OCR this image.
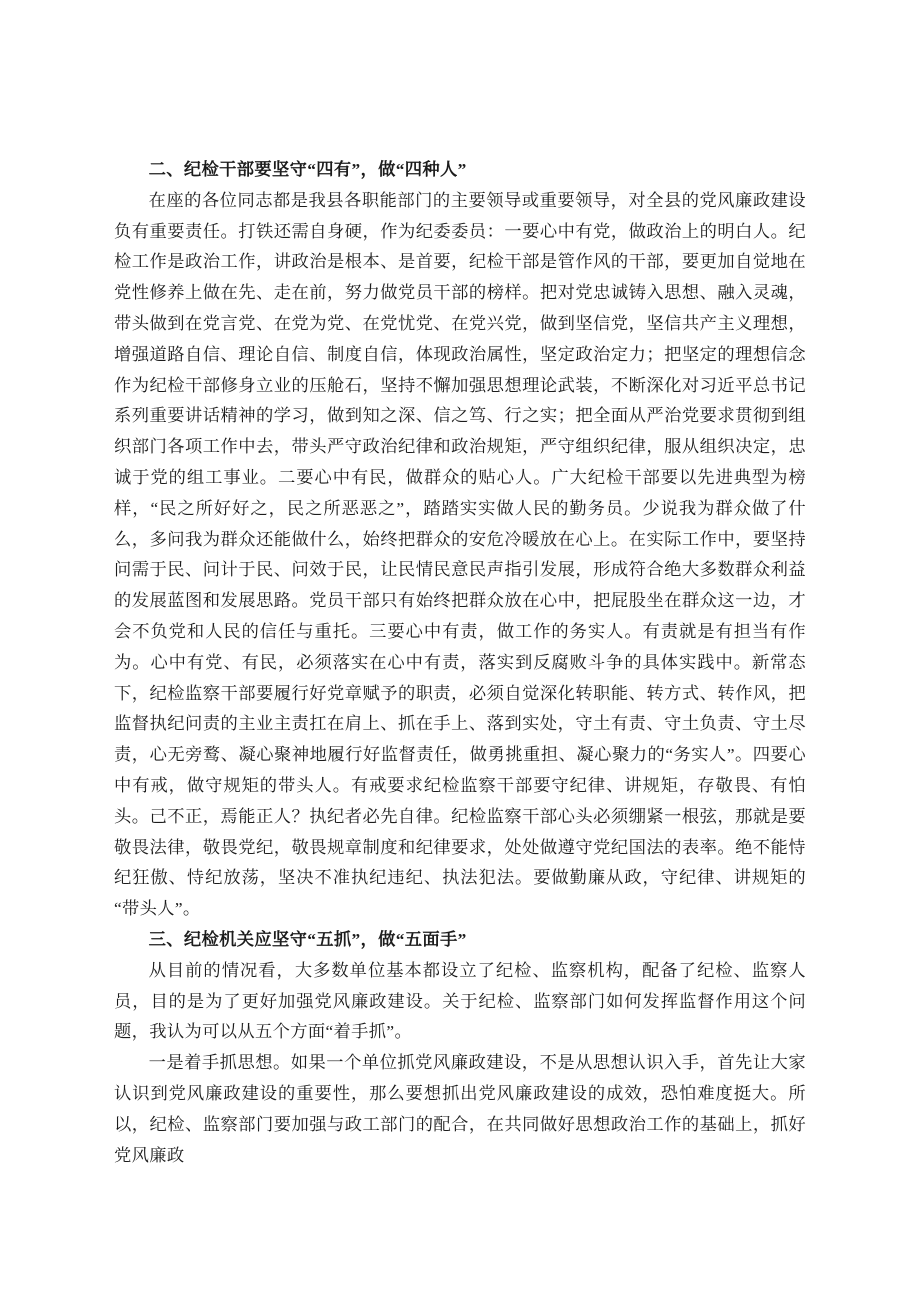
二、纪检干部要坚守“四有”，做“四种人”

在座的各位同志都是我县各职能部门的主要领导或重要领导，对全县的党风廉政建设负有重要责任。打铁还需自身硬，作为纪委委员：一要心中有党，做政治上的明白人。纪检工作是政治工作，讲政治是根本、是首要，纪检干部是管作风的干部，要更加自觉地在党性修养上做在先、走在前，努力做党员干部的榜样。把对党忠诚铸入思想、融入灵魂，带头做到在党言党、在党为党、在党忧党、在党兴党，做到坚信党，坚信共产主义理想，增强道路自信、理论自信、制度自信，体现政治属性，坚定政治定力；把坚定的理想信念作为纪检干部修身立业的压舱石，坚持不懈加强思想理论武装，不断深化对习近平总书记系列重要讲话精神的学习，做到知之深、信之笃、行之实；把全面从严治党要求贯彻到组织部门各项工作中去，带头严守政治纪律和政治规矩，严守组织纪律，服从组织决定，忠诚于党的组工事业。二要心中有民，做群众的贴心人。广大纪检干部要以先进典型为榜样，“民之所好好之，民之所恶恶之”，踏踏实实做人民的勤务员。少说我为群众做了什么，多问我为群众还能做什么，始终把群众的安危冷暖放在心上。在实际工作中，要坚持问需于民、问计于民、问效于民，让民情民意民声指引发展，形成符合绝大多数群众利益的发展蓝图和发展思路。党员干部只有始终把群众放在心中，把屁股坐在群众这一边，才会不负党和人民的信任与重托。三要心中有责，做工作的务实人。有责就是有担当有作为。心中有党、有民，必须落实在心中有责，落实到反腐败斗争的具体实践中。新常态下，纪检监察干部要履行好党章赋予的职责，必须自觉深化转职能、转方式、转作风，把监督执纪问责的主业主责扛在肩上、抓在手上、落到实处，守土有责、守土负责、守土尽责，心无旁鹜、凝心聚神地履行好监督责任，做勇挑重担、凝心聚力的“务实人”。四要心中有戒，做守规矩的带头人。有戒要求纪检监察干部要守纪律、讲规矩，存敬畏、有怕头。己不正，焉能正人？执纪者必先自律。纪检监察干部心头必须绷紧一根弦，那就是要敬畏法律，敬畏党纪，敬畏规章制度和纪律要求，处处做遵守党纪国法的表率。绝不能恃纪狂傲、恃纪放荡，坚决不准执纪违纪、执法犯法。要做勤廉从政，守纪律、讲规矩的“带头人”。

三、纪检机关应坚守“五抓”，做“五面手”

从目前的情况看，大多数单位基本都设立了纪检、监察机构，配备了纪检、监察人员，目的是为了更好加强党风廉政建设。关于纪检、监察部门如何发挥监督作用这个问题，我认为可以从五个方面“着手抓”。

一是着手抓思想。如果一个单位抓党风廉政建设，不是从思想认识入手，首先让大家认识到党风廉政建设的重要性，那么要想抓出党风廉政建设的成效，恐怕难度挺大。所以，纪检、监察部门要加强与政工部门的配合，在共同做好思想政治工作的基础上，抓好党风廉政
